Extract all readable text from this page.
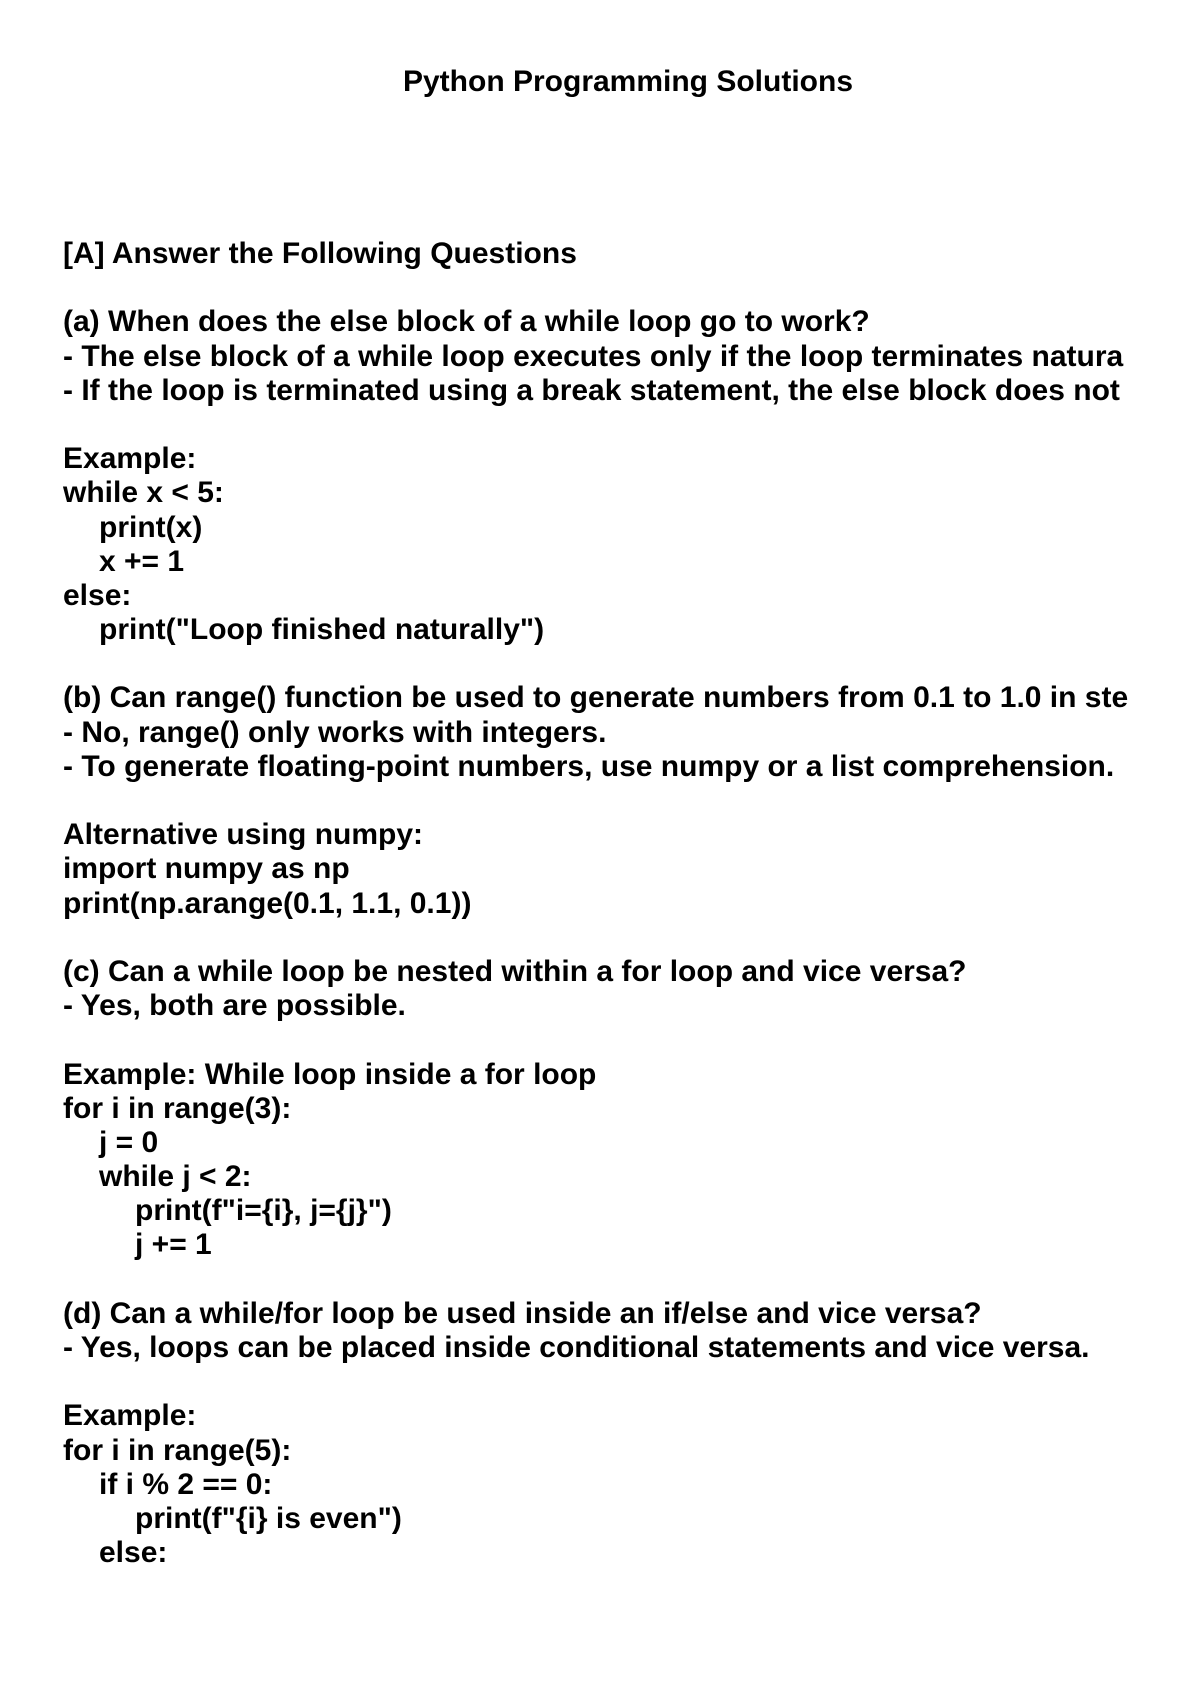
Python Programming Solutions
[A] Answer the Following Questions
(a) When does the else block of a while loop go to work?
- The else block of a while loop executes only if the loop terminates natura
- If the loop is terminated using a break statement, the else block does not
Example:
while x < 5:
print(x)
x += 1
else:
print("Loop finished naturally")
(b) Can range() function be used to generate numbers from 0.1 to 1.0 in ste
- No, range() only works with integers.
- To generate floating-point numbers, use numpy or a list comprehension.
Alternative using numpy:
import numpy as np
print(np.arange(0.1, 1.1, 0.1))
(c) Can a while loop be nested within a for loop and vice versa?
- Yes, both are possible.
Example: While loop inside a for loop
for i in range(3):
j = 0
while j < 2:
print(f"i={i}, j={j}")
j += 1
(d) Can a while/for loop be used inside an if/else and vice versa?
- Yes, loops can be placed inside conditional statements and vice versa.
Example:
for i in range(5):
if i % 2 == 0:
print(f"{i} is even")
else:
